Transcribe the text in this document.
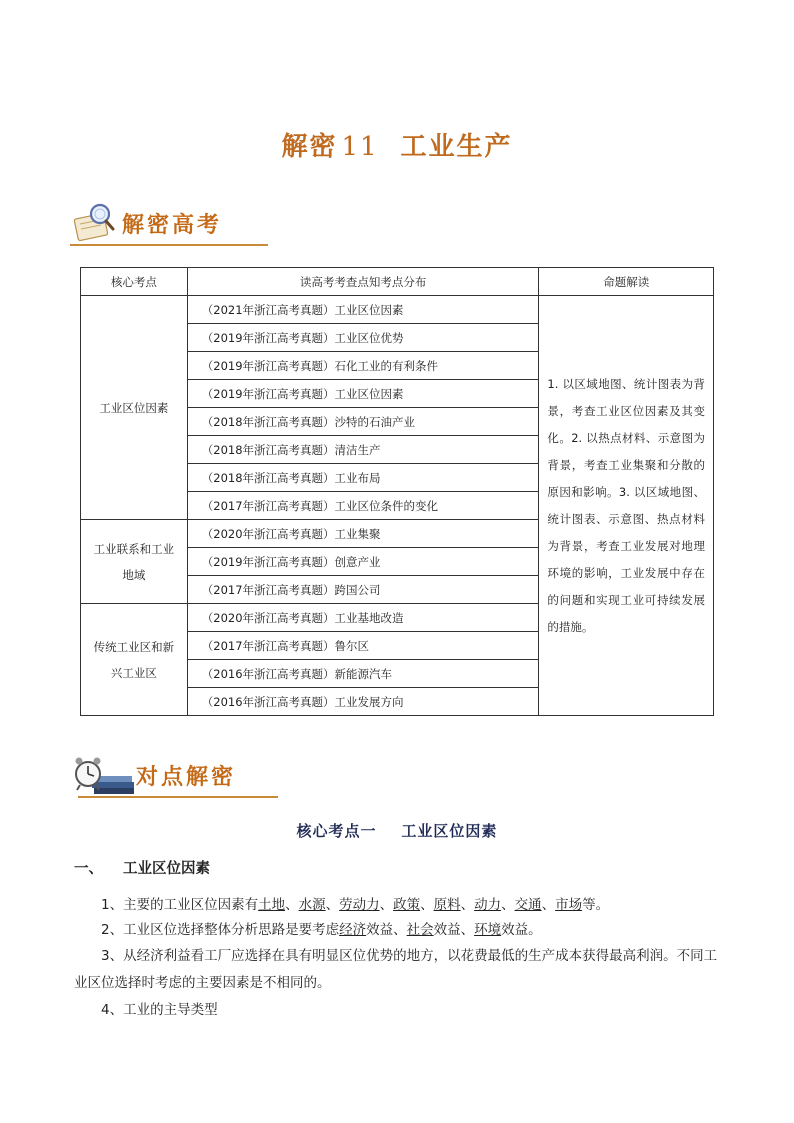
解密 11 工业生产
解密高考
核心考点	读高考考查点知考点分布	命题解读
工业区位因素	（2021年浙江高考真题）工业区位因素	1. 以区域地图、统计图表为背景，考查工业区位因素及其变化。2. 以热点材料、示意图为背景，考查工业集聚和分散的原因和影响。3. 以区域地图、统计图表、示意图、热点材料为背景，考查工业发展对地理环境的影响，工业发展中存在的问题和实现工业可持续发展的措施。
	（2019年浙江高考真题）工业区位优势	
	（2019年浙江高考真题）石化工业的有利条件	
	（2019年浙江高考真题）工业区位因素	
	（2018年浙江高考真题）沙特的石油产业	
	（2018年浙江高考真题）清洁生产	
	（2018年浙江高考真题）工业布局	
	（2017年浙江高考真题）工业区位条件的变化	
工业联系和工业地域	（2020年浙江高考真题）工业集聚	
	（2019年浙江高考真题）创意产业	
	（2017年浙江高考真题）跨国公司	
传统工业区和新兴工业区	（2020年浙江高考真题）工业基地改造	
	（2017年浙江高考真题）鲁尔区	
	（2016年浙江高考真题）新能源汽车	
	（2016年浙江高考真题）工业发展方向	
对点解密
核心考点一    工业区位因素
一、 工业区位因素
1、主要的工业区位因素有土地、水源、劳动力、政策、原料、动力、交通、市场等。
2、工业区位选择整体分析思路是要考虑经济效益、社会效益、环境效益。
3、从经济利益看工厂应选择在具有明显区位优势的地方，以花费最低的生产成本获得最高利润。不同工业区位选择时考虑的主要因素是不相同的。
4、工业的主导类型
